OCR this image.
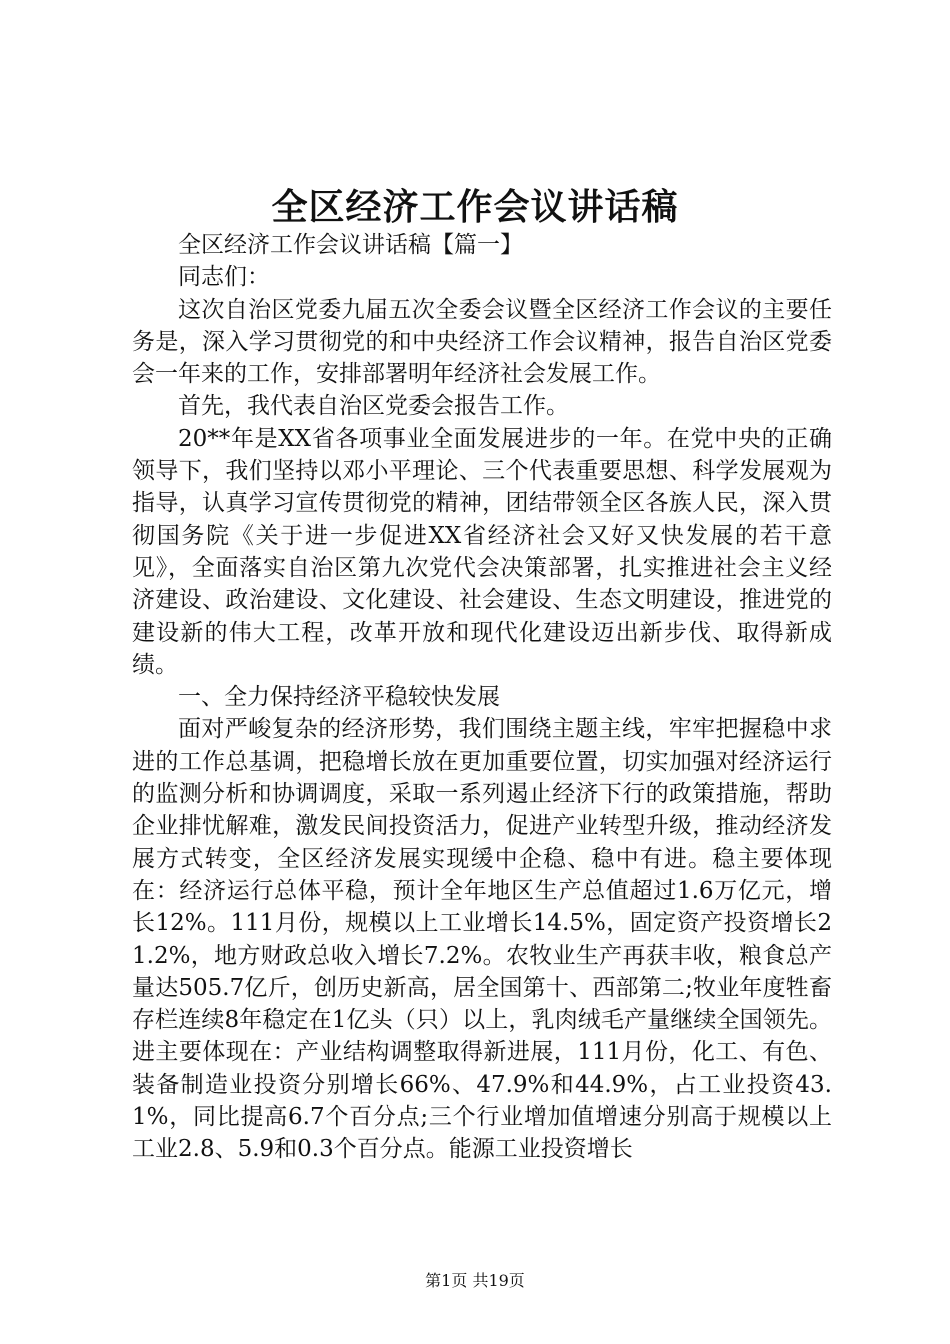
全区经济工作会议讲话稿

全区经济工作会议讲话稿【篇一】

同志们：

这次自治区党委九届五次全委会议暨全区经济工作会议的主要任务是，深入学习贯彻党的和中央经济工作会议精神，报告自治区党委会一年来的工作，安排部署明年经济社会发展工作。

首先，我代表自治区党委会报告工作。

20**年是XX省各项事业全面发展进步的一年。在党中央的正确领导下，我们坚持以邓小平理论、三个代表重要思想、科学发展观为指导，认真学习宣传贯彻党的精神，团结带领全区各族人民，深入贯彻国务院《关于进一步促进XX省经济社会又好又快发展的若干意见》，全面落实自治区第九次党代会决策部署，扎实推进社会主义经济建设、政治建设、文化建设、社会建设、生态文明建设，推进党的建设新的伟大工程，改革开放和现代化建设迈出新步伐、取得新成绩。

一、全力保持经济平稳较快发展

面对严峻复杂的经济形势，我们围绕主题主线，牢牢把握稳中求进的工作总基调，把稳增长放在更加重要位置，切实加强对经济运行的监测分析和协调调度，采取一系列遏止经济下行的政策措施，帮助企业排忧解难，激发民间投资活力，促进产业转型升级，推动经济发展方式转变，全区经济发展实现缓中企稳、稳中有进。稳主要体现在：经济运行总体平稳，预计全年地区生产总值超过1.6万亿元，增长12%。111月份，规模以上工业增长14.5%，固定资产投资增长21.2%，地方财政总收入增长7.2%。农牧业生产再获丰收，粮食总产量达505.7亿斤，创历史新高，居全国第十、西部第二;牧业年度牲畜存栏连续8年稳定在1亿头（只）以上，乳肉绒毛产量继续全国领先。进主要体现在：产业结构调整取得新进展，111月份，化工、有色、装备制造业投资分别增长66%、47.9%和44.9%，占工业投资43.1%，同比提高6.7个百分点;三个行业增加值增速分别高于规模以上工业2.8、5.9和0.3个百分点。能源工业投资增长

第1页 共19页
